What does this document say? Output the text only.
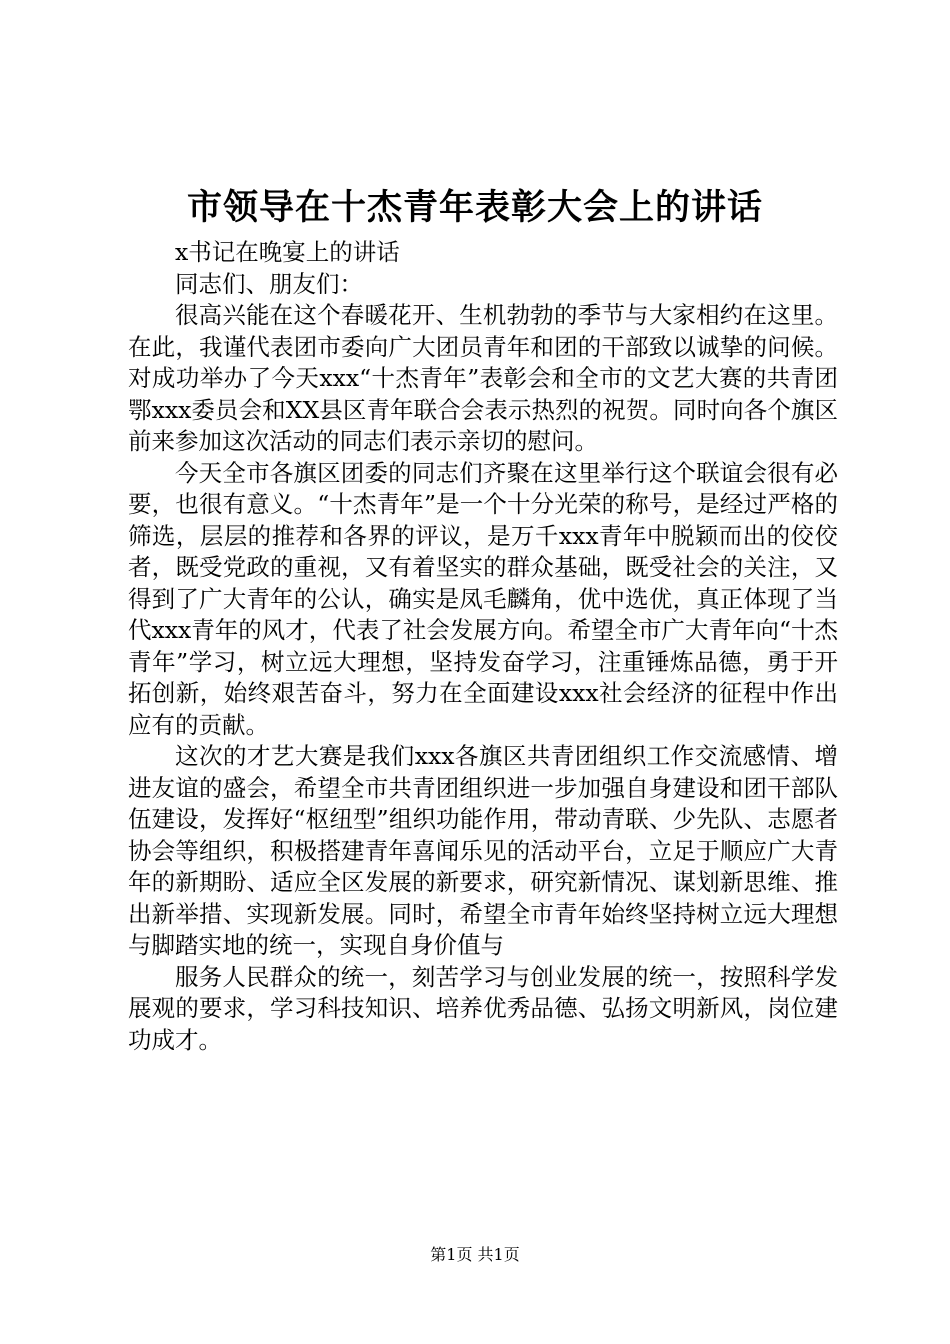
市领导在十杰青年表彰大会上的讲话

x书记在晚宴上的讲话

同志们、朋友们：

很高兴能在这个春暖花开、生机勃勃的季节与大家相约在这里。在此，我谨代表团市委向广大团员青年和团的干部致以诚挚的问候。对成功举办了今天xxx“十杰青年”表彰会和全市的文艺大赛的共青团鄂xxx委员会和XX县区青年联合会表示热烈的祝贺。同时向各个旗区前来参加这次活动的同志们表示亲切的慰问。

今天全市各旗区团委的同志们齐聚在这里举行这个联谊会很有必要，也很有意义。“十杰青年”是一个十分光荣的称号，是经过严格的筛选，层层的推荐和各界的评议，是万千xxx青年中脱颖而出的佼佼者，既受党政的重视，又有着坚实的群众基础，既受社会的关注，又得到了广大青年的公认，确实是凤毛麟角，优中选优，真正体现了当代xxx青年的风才，代表了社会发展方向。希望全市广大青年向“十杰青年”学习，树立远大理想，坚持发奋学习，注重锤炼品德，勇于开拓创新，始终艰苦奋斗，努力在全面建设xxx社会经济的征程中作出应有的贡献。

这次的才艺大赛是我们xxx各旗区共青团组织工作交流感情、增进友谊的盛会，希望全市共青团组织进一步加强自身建设和团干部队伍建设，发挥好“枢纽型”组织功能作用，带动青联、少先队、志愿者协会等组织，积极搭建青年喜闻乐见的活动平台，立足于顺应广大青年的新期盼、适应全区发展的新要求，研究新情况、谋划新思维、推出新举措、实现新发展。同时，希望全市青年始终坚持树立远大理想与脚踏实地的统一，实现自身价值与

服务人民群众的统一，刻苦学习与创业发展的统一，按照科学发展观的要求，学习科技知识、培养优秀品德、弘扬文明新风，岗位建功成才。

第1页 共1页
